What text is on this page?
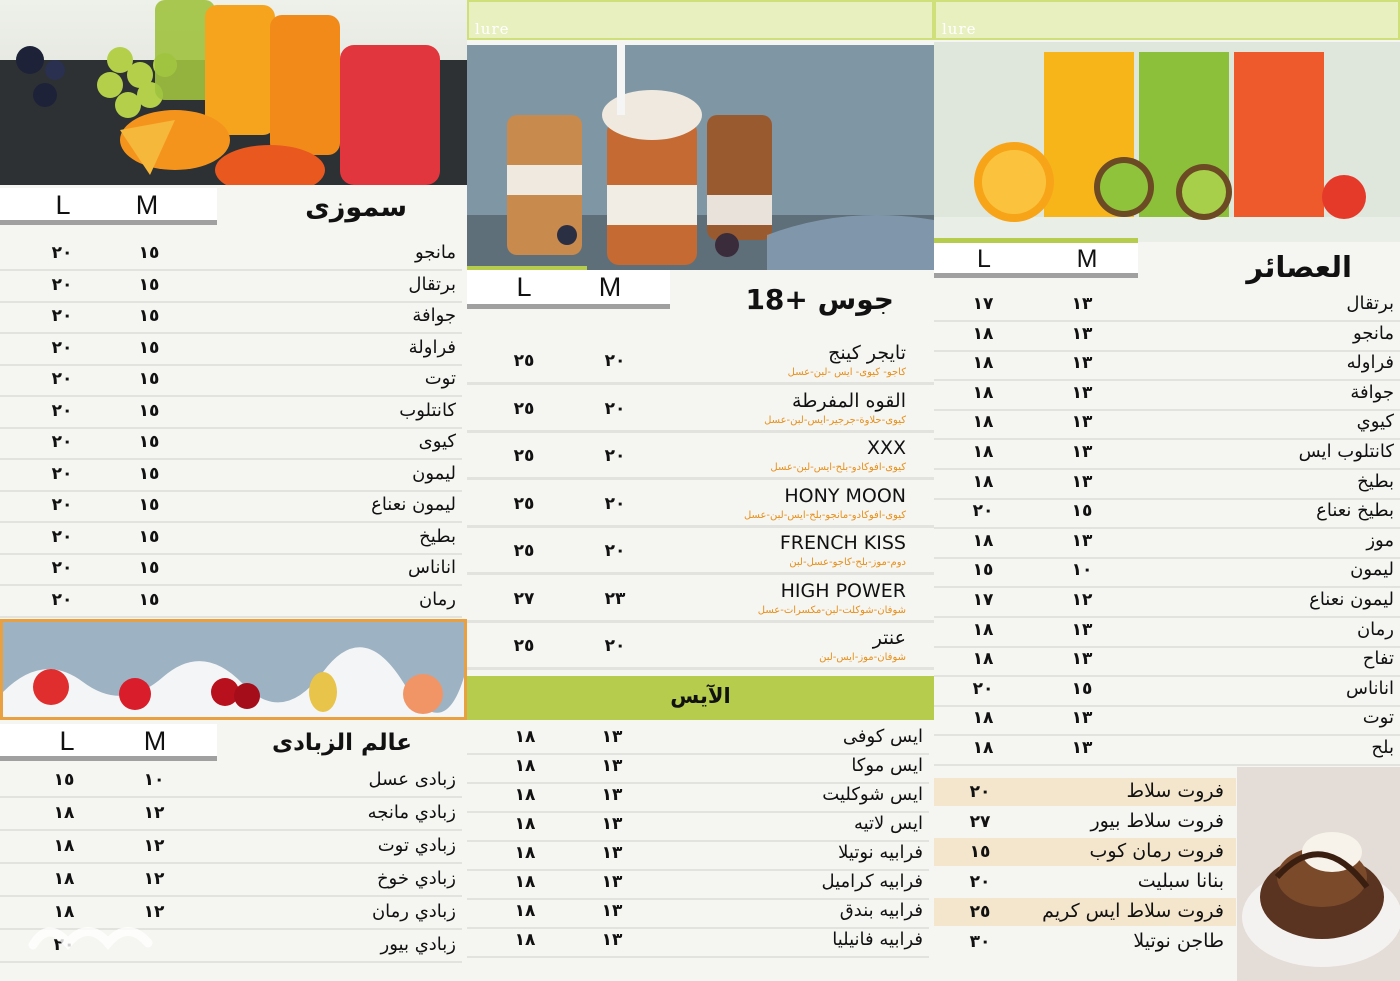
سموزى
M
L
مانجو
١٥
٢٠
برتقال
١٥
٢٠
جوافة
١٥
٢٠
فراولة
١٥
٢٠
توت
١٥
٢٠
كانتلوب
١٥
٢٠
كيوى
١٥
٢٠
ليمون
١٥
٢٠
ليمون نعناع
١٥
٢٠
بطيخ
١٥
٢٠
اناناس
١٥
٢٠
رمان
١٥
٢٠
عالم الزبادى
M
L
زبادى عسل
١٠
١٥
زبادي مانجه
١٢
١٨
زبادي توت
١٢
١٨
زبادي خوخ
١٢
١٨
زبادي رمان
١٢
١٨
زبادي بيور
٢٠
lure
جوس +18
M
L
تايجر كينج
كاجو- كيوى- ايس -لبن-عسل
٢٠
٢٥
القوه المفرطة
كيوى-حلاوة-جرجير-ايس-لبن-عسل
٢٠
٢٥
XXX
كيوى-افوكادو-بلح-ايس-لبن-عسل
٢٠
٢٥
HONY MOON
كيوى-افوكادو-مانجو-بلح-ايس-لبن-عسل
٢٠
٢٥
FRENCH KISS
دوم-موز-بلح-كاجو-عسل-لبن
٢٠
٢٥
HIGH POWER
شوفان-شوكلت-لبن-مكسرات-عسل
٢٣
٢٧
عنتر
شوفان-موز-ايس-لبن
٢٠
٢٥
الآيس
ايس كوفى
١٣
١٨
ايس موكا
١٣
١٨
ايس شوكليت
١٣
١٨
ايس لاتيه
١٣
١٨
فرابيه نوتيلا
١٣
١٨
فرابيه كراميل
١٣
١٨
فرابيه بندق
١٣
١٨
فرابيه فانيليا
١٣
١٨
lure
العصائر
M
L
برتقال
١٣
١٧
مانجو
١٣
١٨
فراوله
١٣
١٨
جوافة
١٣
١٨
كيوي
١٣
١٨
كانتلوب ايس
١٣
١٨
بطيخ
١٣
١٨
بطيخ نعناع
١٥
٢٠
موز
١٣
١٨
ليمون
١٠
١٥
ليمون نعناع
١٢
١٧
رمان
١٣
١٨
تفاح
١٣
١٨
اناناس
١٥
٢٠
توت
١٣
١٨
بلح
١٣
١٨
فروت سلاط
٢٠
فروت سلاط بيور
٢٧
فروت رمان كوب
١٥
بنانا سبليت
٢٠
فروت سلاط ايس كريم
٢٥
طاجن نوتيلا
٣٠
